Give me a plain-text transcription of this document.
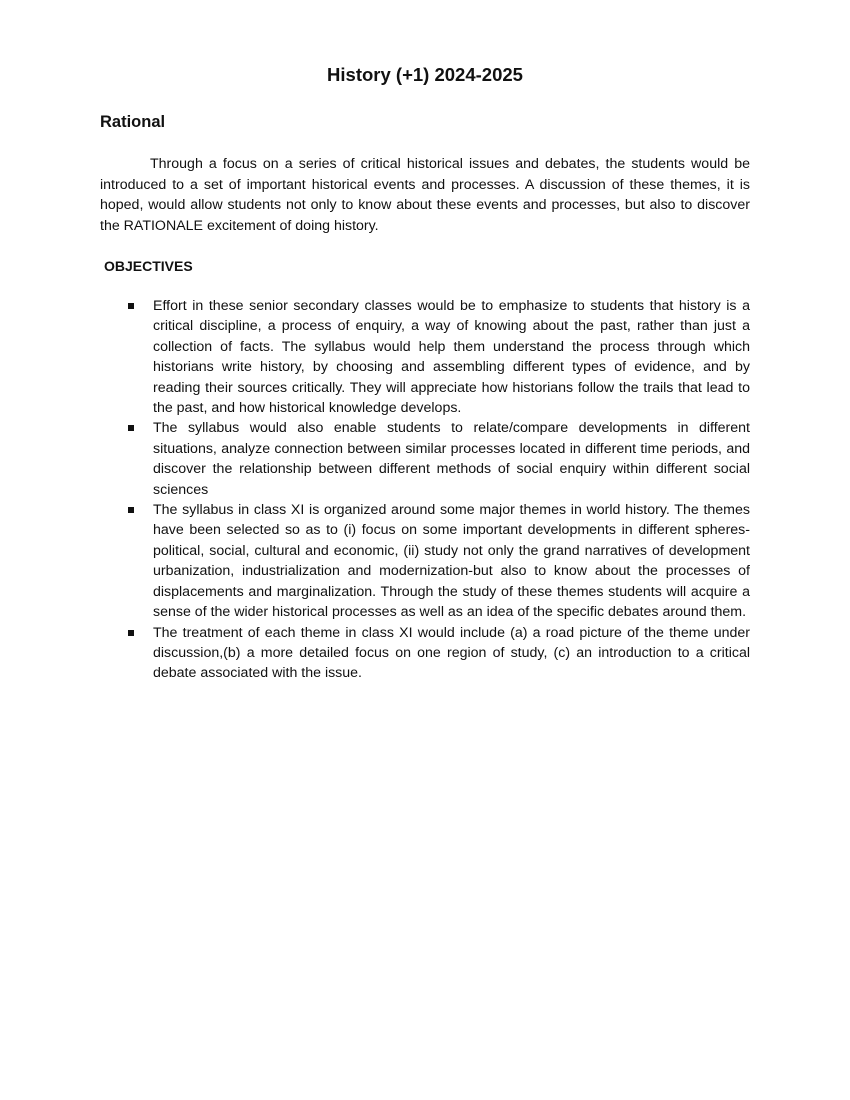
History (+1) 2024-2025
Rational

Through a focus on a series of critical historical issues and debates, the students would be introduced to a set of important historical events and processes. A discussion of these themes, it is hoped, would allow students not only to know about these events and processes, but also to discover the RATIONALE excitement of doing history.

OBJECTIVES
Effort in these senior secondary classes would be to emphasize to students that history is a critical discipline, a process of enquiry, a way of knowing about the past, rather than just a collection of facts. The syllabus would help them understand the process through which historians write history, by choosing and assembling different types of evidence, and by reading their sources critically. They will appreciate how historians follow the trails that lead to the past, and how historical knowledge develops.
The syllabus would also enable students to relate/compare developments in different situations, analyze connection between similar processes located in different time periods, and discover the relationship between different methods of social enquiry within different social sciences
The syllabus in class XI is organized around some major themes in world history. The themes have been selected so as to (i) focus on some important developments in different spheres-political, social, cultural and economic, (ii) study not only the grand narratives of development urbanization, industrialization and modernization-but also to know about the processes of displacements and marginalization. Through the study of these themes students will acquire a sense of the wider historical processes as well as an idea of the specific debates around them.
The treatment of each theme in class XI would include (a) a road picture of the theme under discussion,(b) a more detailed focus on one region of study, (c) an introduction to a critical debate associated with the issue.
